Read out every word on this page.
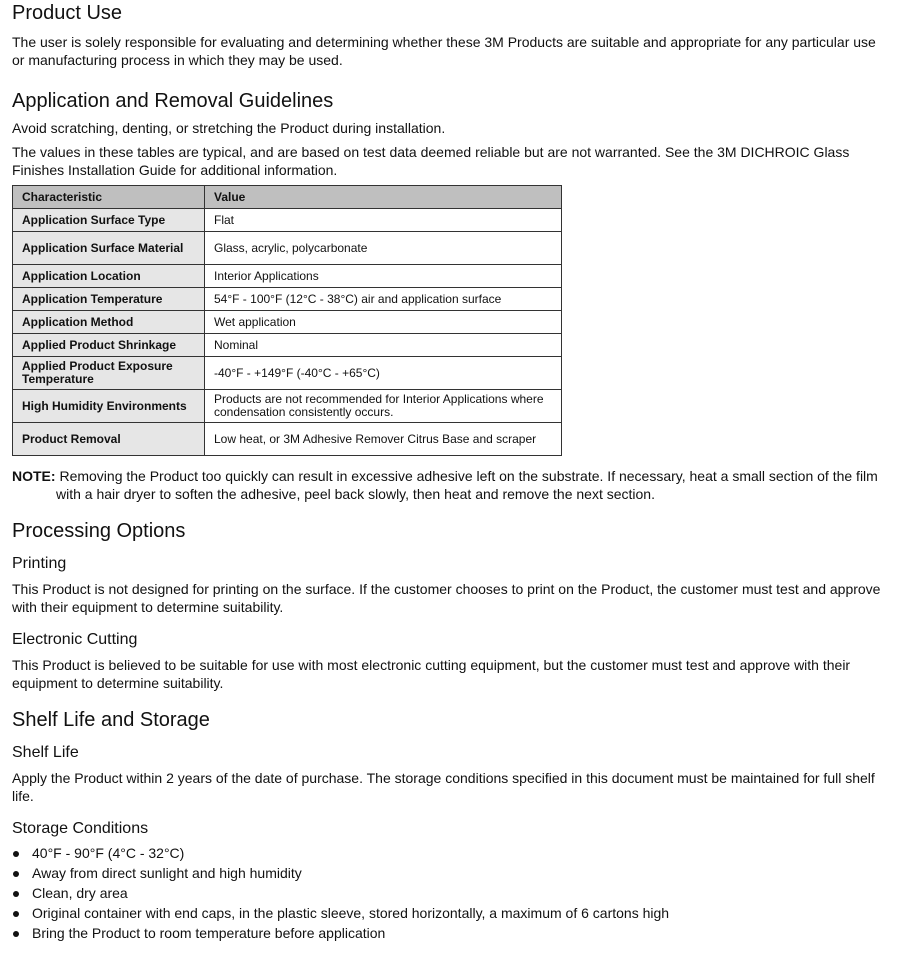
Product Use

The user is solely responsible for evaluating and determining whether these 3M Products are suitable and appropriate for any particular use or manufacturing process in which they may be used.

Application and Removal Guidelines

Avoid scratching, denting, or stretching the Product during installation.

The values in these tables are typical, and are based on test data deemed reliable but are not warranted. See the 3M DICHROIC Glass Finishes Installation Guide for additional information.

Characteristic	Value
Application Surface Type	Flat
Application Surface Material	Glass, acrylic, polycarbonate
Application Location	Interior Applications
Application Temperature	54°F - 100°F (12°C - 38°C) air and application surface
Application Method	Wet application
Applied Product Shrinkage	Nominal
Applied Product Exposure Temperature	-40°F - +149°F (-40°C - +65°C)
High Humidity Environments	Products are not recommended for Interior Applications where condensation consistently occurs.
Product Removal	Low heat, or 3M Adhesive Remover Citrus Base and scraper

NOTE: Removing the Product too quickly can result in excessive adhesive left on the substrate. If necessary, heat a small section of the film with a hair dryer to soften the adhesive, peel back slowly, then heat and remove the next section.

Processing Options
Printing

This Product is not designed for printing on the surface. If the customer chooses to print on the Product, the customer must test and approve with their equipment to determine suitability.

Electronic Cutting

This Product is believed to be suitable for use with most electronic cutting equipment, but the customer must test and approve with their equipment to determine suitability.

Shelf Life and Storage
Shelf Life

Apply the Product within 2 years of the date of purchase. The storage conditions specified in this document must be maintained for full shelf life.

Storage Conditions
40°F - 90°F (4°C - 32°C)
Away from direct sunlight and high humidity
Clean, dry area
Original container with end caps, in the plastic sleeve, stored horizontally, a maximum of 6 cartons high
Bring the Product to room temperature before application
